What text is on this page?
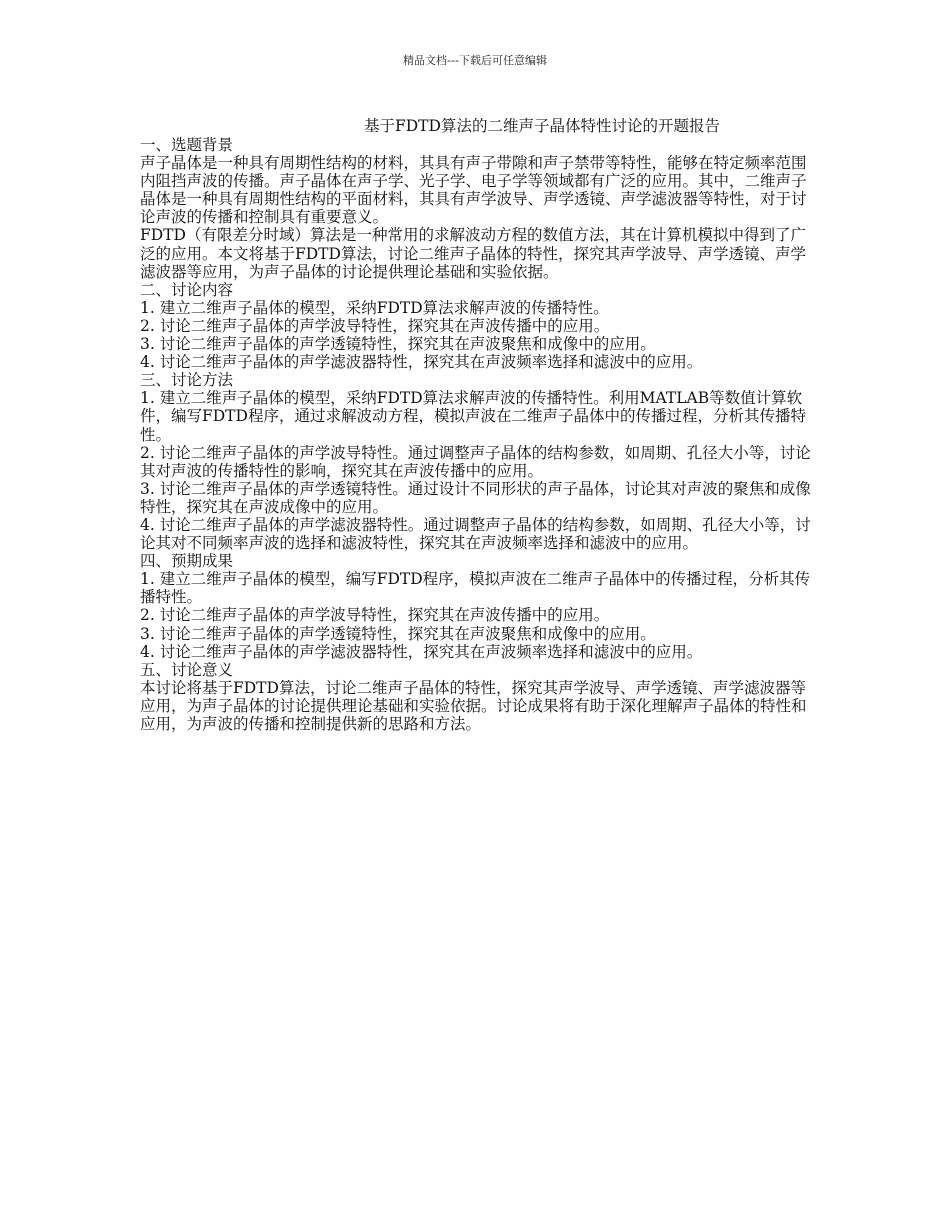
精品文档---下载后可任意编辑
基于FDTD算法的二维声子晶体特性讨论的开题报告

一、选题背景

声子晶体是一种具有周期性结构的材料，其具有声子带隙和声子禁带等特性，能够在特定频率范围内阻挡声波的传播。声子晶体在声子学、光子学、电子学等领域都有广泛的应用。其中，二维声子晶体是一种具有周期性结构的平面材料，其具有声学波导、声学透镜、声学滤波器等特性，对于讨论声波的传播和控制具有重要意义。

FDTD（有限差分时域）算法是一种常用的求解波动方程的数值方法，其在计算机模拟中得到了广泛的应用。本文将基于FDTD算法，讨论二维声子晶体的特性，探究其声学波导、声学透镜、声学滤波器等应用，为声子晶体的讨论提供理论基础和实验依据。

二、讨论内容

1. 建立二维声子晶体的模型，采纳FDTD算法求解声波的传播特性。

2. 讨论二维声子晶体的声学波导特性，探究其在声波传播中的应用。

3. 讨论二维声子晶体的声学透镜特性，探究其在声波聚焦和成像中的应用。

4. 讨论二维声子晶体的声学滤波器特性，探究其在声波频率选择和滤波中的应用。

三、讨论方法

1. 建立二维声子晶体的模型，采纳FDTD算法求解声波的传播特性。利用MATLAB等数值计算软件，编写FDTD程序，通过求解波动方程，模拟声波在二维声子晶体中的传播过程，分析其传播特性。

2. 讨论二维声子晶体的声学波导特性。通过调整声子晶体的结构参数，如周期、孔径大小等，讨论其对声波的传播特性的影响，探究其在声波传播中的应用。

3. 讨论二维声子晶体的声学透镜特性。通过设计不同形状的声子晶体，讨论其对声波的聚焦和成像特性，探究其在声波成像中的应用。

4. 讨论二维声子晶体的声学滤波器特性。通过调整声子晶体的结构参数，如周期、孔径大小等，讨论其对不同频率声波的选择和滤波特性，探究其在声波频率选择和滤波中的应用。

四、预期成果

1. 建立二维声子晶体的模型，编写FDTD程序，模拟声波在二维声子晶体中的传播过程，分析其传播特性。

2. 讨论二维声子晶体的声学波导特性，探究其在声波传播中的应用。

3. 讨论二维声子晶体的声学透镜特性，探究其在声波聚焦和成像中的应用。

4. 讨论二维声子晶体的声学滤波器特性，探究其在声波频率选择和滤波中的应用。

五、讨论意义

本讨论将基于FDTD算法，讨论二维声子晶体的特性，探究其声学波导、声学透镜、声学滤波器等应用，为声子晶体的讨论提供理论基础和实验依据。讨论成果将有助于深化理解声子晶体的特性和应用，为声波的传播和控制提供新的思路和方法。
